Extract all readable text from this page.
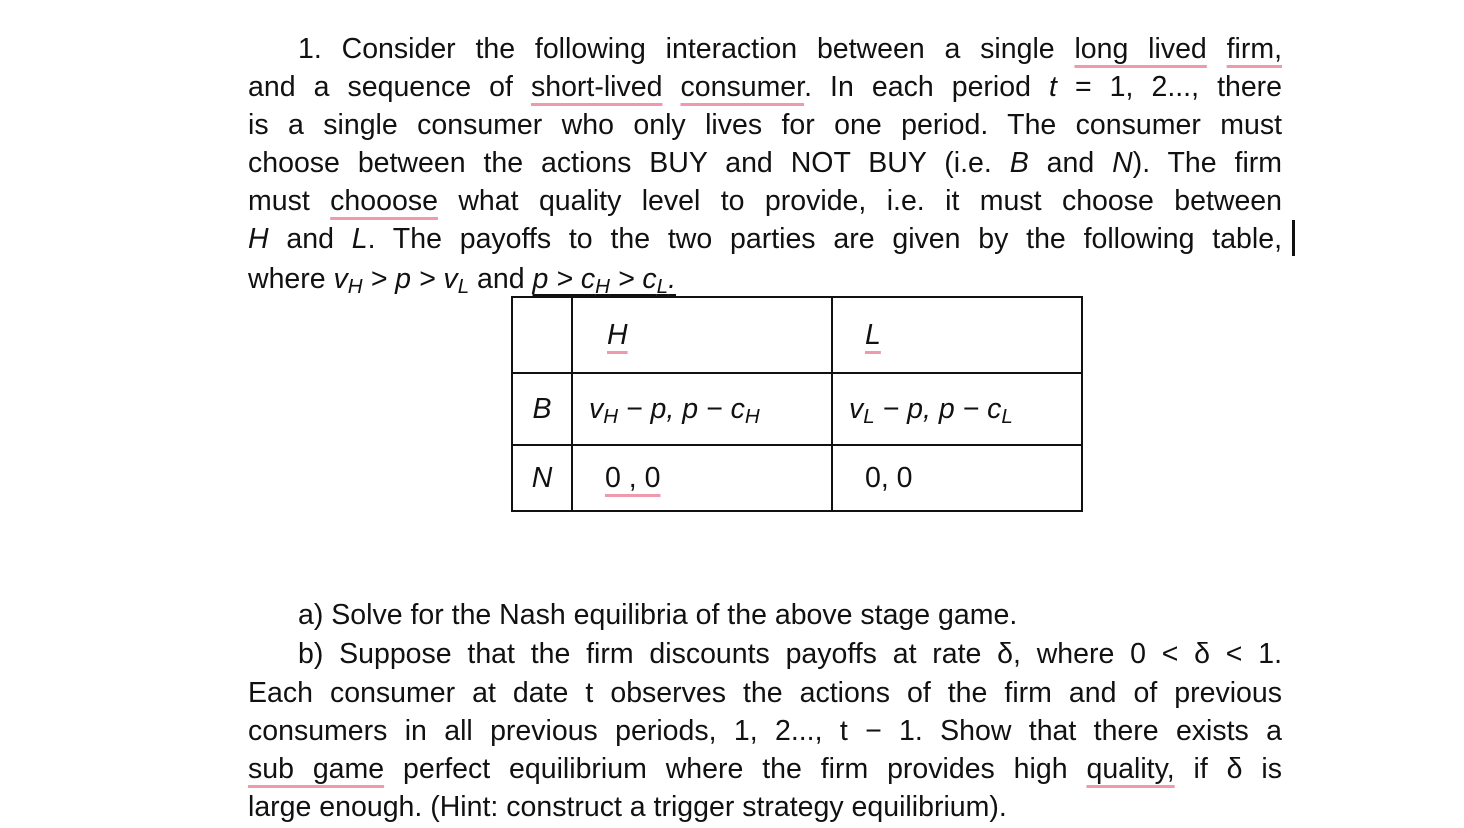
1. Consider the following interaction between a single long lived firm,
and a sequence of short-lived consumer. In each period t = 1, 2..., there
is a single consumer who only lives for one period. The consumer must
choose between the actions BUY and NOT BUY (i.e. B and N). The firm
must chooose what quality level to provide, i.e. it must choose between
H and L. The payoffs to the two parties are given by the following table,
where $v_H > p > v_L$ and $p > c_H > c_L$.
	H	L
B	$v_H - p$, $p - c_H$	$v_L - p$, $p - c_L$
N	0 , 0	0, 0
a) Solve for the Nash equilibria of the above stage game.
b) Suppose that the firm discounts payoffs at rate δ, where 0 < δ < 1.
Each consumer at date t observes the actions of the firm and of previous
consumers in all previous periods, 1, 2..., t − 1. Show that there exists a
sub game perfect equilibrium where the firm provides high quality, if δ is
large enough. (Hint: construct a trigger strategy equilibrium).
